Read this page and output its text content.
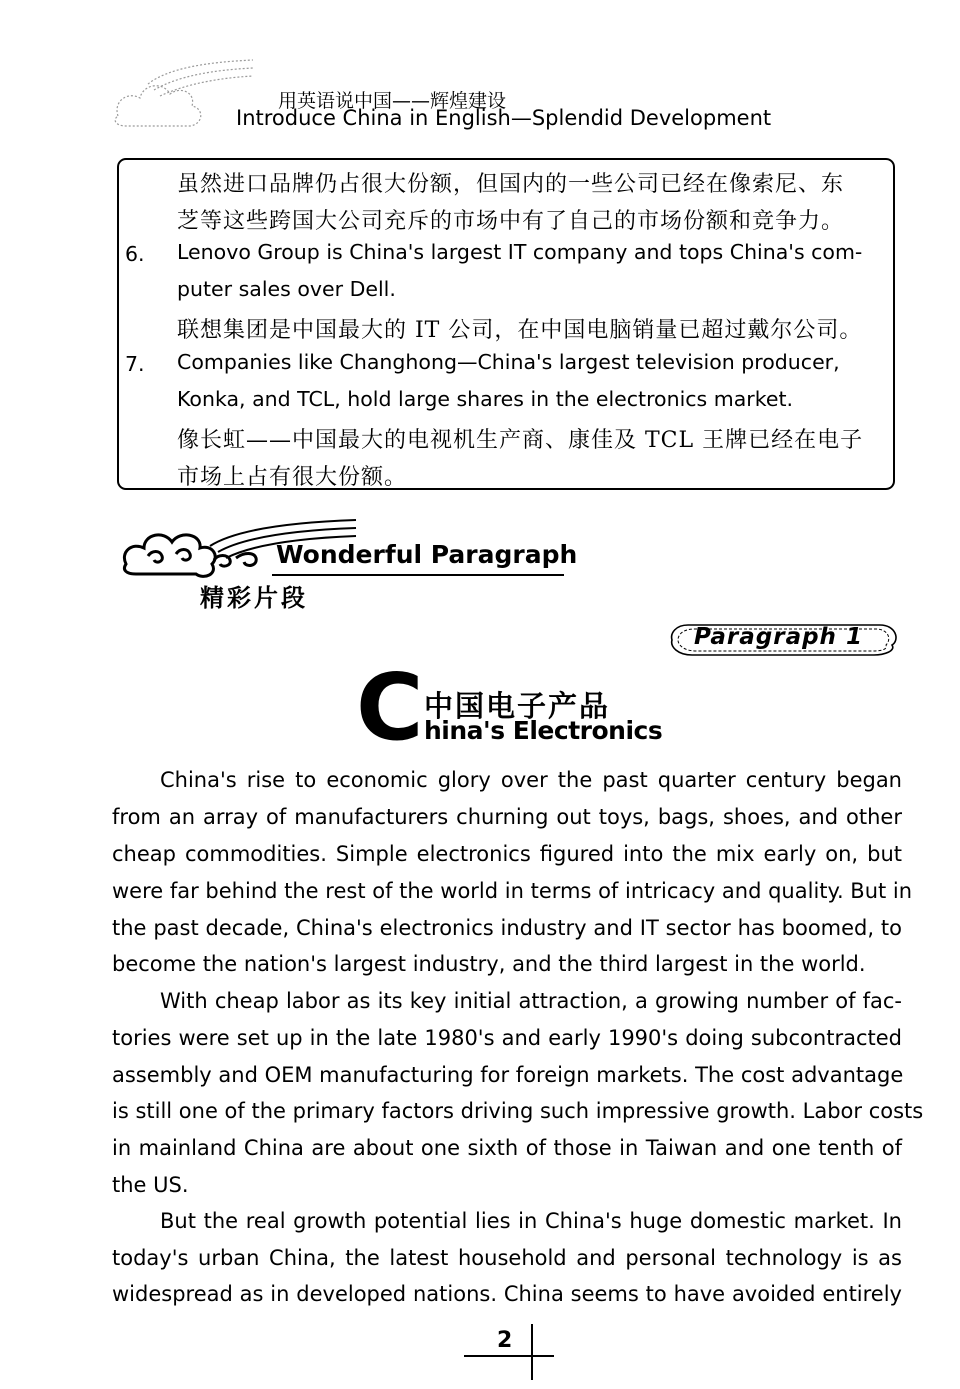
用英语说中国——辉煌建设
Introduce China in English—Splendid Development
虽然进口品牌仍占很大份额，但国内的一些公司已经在像索尼、东
芝等这些跨国大公司充斥的市场中有了自己的市场份额和竞争力。
6. Lenovo Group is China's largest IT company and tops China's com-
puter sales over Dell.
联想集团是中国最大的 IT 公司，在中国电脑销量已超过戴尔公司。
7. Companies like Changhong—China's largest television producer,
Konka, and TCL, hold large shares in the electronics market.
像长虹——中国最大的电视机生产商、康佳及 TCL 王牌已经在电子
市场上占有很大份额。
Wonderful Paragraph
精彩片段
Paragraph 1
C 中国电子产品
hina's Electronics
China's rise to economic glory over the past quarter century began
from an array of manufacturers churning out toys, bags, shoes, and other
cheap commodities. Simple electronics figured into the mix early on, but
were far behind the rest of the world in terms of intricacy and quality. But in
the past decade, China's electronics industry and IT sector has boomed, to
become the nation's largest industry, and the third largest in the world.
With cheap labor as its key initial attraction, a growing number of fac-
tories were set up in the late 1980's and early 1990's doing subcontracted
assembly and OEM manufacturing for foreign markets. The cost advantage
is still one of the primary factors driving such impressive growth. Labor costs
in mainland China are about one sixth of those in Taiwan and one tenth of
the US.
But the real growth potential lies in China's huge domestic market. In
today's urban China, the latest household and personal technology is as
widespread as in developed nations. China seems to have avoided entirely
2
